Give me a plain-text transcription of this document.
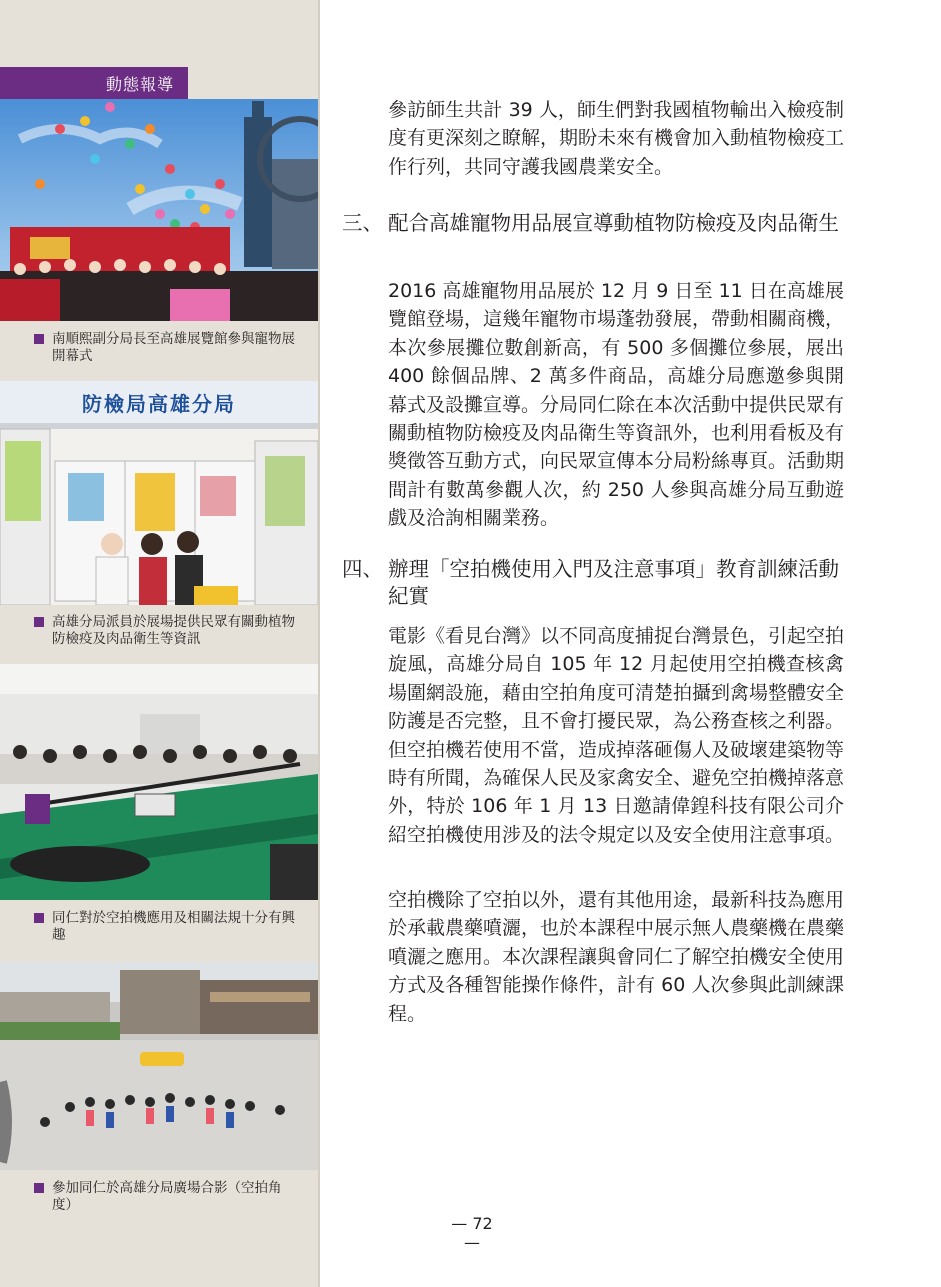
動態報導
南順熙副分局長至高雄展覽館參與寵物展開幕式
防檢局高雄分局
高雄分局派員於展場提供民眾有關動植物防檢疫及肉品衛生等資訊
同仁對於空拍機應用及相關法規十分有興趣
參加同仁於高雄分局廣場合影（空拍角度）

參訪師生共計 39 人，師生們對我國植物輸出入檢疫制度有更深刻之瞭解，期盼未來有機會加入動植物檢疫工作行列，共同守護我國農業安全。

三、 配合高雄寵物用品展宣導動植物防檢疫及肉品衛生

2016 高雄寵物用品展於 12 月 9 日至 11 日在高雄展覽館登場，這幾年寵物市場蓬勃發展，帶動相關商機，本次參展攤位數創新高，有 500 多個攤位參展，展出 400 餘個品牌、2 萬多件商品，高雄分局應邀參與開幕式及設攤宣導。分局同仁除在本次活動中提供民眾有關動植物防檢疫及肉品衛生等資訊外，也利用看板及有獎徵答互動方式，向民眾宣傳本分局粉絲專頁。活動期間計有數萬參觀人次，約 250 人參與高雄分局互動遊戲及洽詢相關業務。

四、 辦理「空拍機使用入門及注意事項」教育訓練活動紀實

電影《看見台灣》以不同高度捕捉台灣景色，引起空拍旋風，高雄分局自 105 年 12 月起使用空拍機查核禽場圍網設施，藉由空拍角度可清楚拍攝到禽場整體安全防護是否完整，且不會打擾民眾，為公務查核之利器。但空拍機若使用不當，造成掉落砸傷人及破壞建築物等時有所聞，為確保人民及家禽安全、避免空拍機掉落意外，特於 106 年 1 月 13 日邀請偉鍠科技有限公司介紹空拍機使用涉及的法令規定以及安全使用注意事項。

空拍機除了空拍以外，還有其他用途，最新科技為應用於承載農藥噴灑，也於本課程中展示無人農藥機在農藥噴灑之應用。本次課程讓與會同仁了解空拍機安全使用方式及各種智能操作條件，計有 60 人次參與此訓練課程。

— 72 —
